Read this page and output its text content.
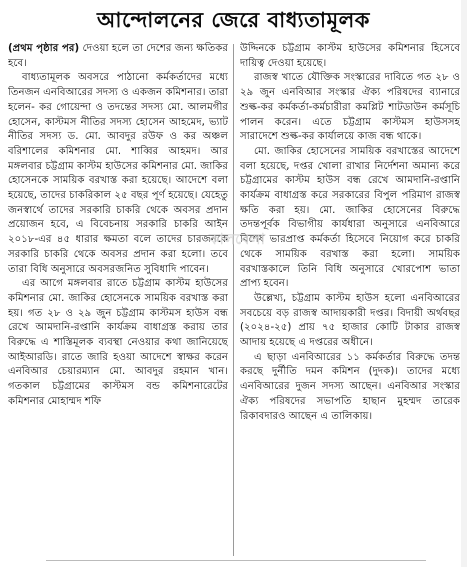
আন্দোলনের জেরে বাধ্যতামূলক

(প্রথম পৃষ্ঠার পর) দেওয়া হলে তা দেশের জন্য ক্ষতিকর হবে।

বাধ্যতামূলক অবসরে পাঠানো কর্মকর্তাদের মধ্যে তিনজন এনবিআরের সদস্য ও একজন কমিশনার। তারা হলেন- কর গোয়েন্দা ও তদন্তের সদস্য মো. আলমগীর হোসেন, কাস্টমস নীতির সদস্য হোসেন আহমেদ, ভ্যাট নীতির সদস্য ড. মো. আবদুর রউফ ও কর অঞ্চল বরিশালের কমিশনার মো. শাব্বির আহমদ। আর মঙ্গলবার চট্টগ্রাম কাস্টম হাউসের কমিশনার মো. জাকির হোসেনকে সাময়িক বরখাস্ত করা হয়েছে। আদেশে বলা হয়েছে, তাদের চাকরিকাল ২৫ বছর পূর্ণ হয়েছে। যেহেতু জনস্বার্থে তাদের সরকারি চাকরি থেকে অবসর প্রদান প্রয়োজন হবে, এ বিবেচনায় সরকারি চাকরি আইন ২০১৮-এর ৪৫ ধারার ক্ষমতা বলে তাদের চারজনকে সরকারি চাকরি থেকে অবসর প্রদান করা হলো। তবে তারা বিধি অনুসারে অবসরজনিত সুবিধাদি পাবেন।

এর আগে মঙ্গলবার রাতে চট্টগ্রাম কাস্টম হাউসের কমিশনার মো. জাকির হোসেনকে সাময়িক বরখাস্ত করা হয়। গত ২৮ ও ২৯ জুন চট্টগ্রাম কাস্টমস হাউস বন্ধ রেখে আমদানি-রপ্তানি কার্যক্রম বাধাগ্রস্ত করায় তার বিরুদ্ধে এ শাস্তিমূলক ব্যবস্থা নেওয়ার কথা জানিয়েছে আইআরডি। রাতে জারি হওয়া আদেশে স্বাক্ষর করেন এনবিআর চেয়ারম্যান মো. আবদুর রহমান খান। গতকাল চট্টগ্রামের কাস্টমস বন্ড কমিশনারেটের কমিশনার মোহাম্মদ শফি

উদ্দিনকে চট্টগ্রাম কাস্টম হাউসের কমিশনার হিসেবে দায়িত্ব দেওয়া হয়েছে।

রাজস্ব খাতে যৌক্তিক সংস্কারের দাবিতে গত ২৮ ও ২৯ জুন এনবিআর সংস্কার ঐক্য পরিষদের ব্যানারে শুল্ক-কর কর্মকর্তা-কর্মচারীরা কমপ্লিট শাটডাউন কর্মসূচি পালন করেন। এতে চট্টগ্রাম কাস্টমস হাউসসহ সারাদেশে শুল্ক-কর কার্যালয়ে কাজ বন্ধ থাকে।

মো. জাকির হোসেনের সাময়িক বরখাস্তের আদেশে বলা হয়েছে, দপ্তর খোলা রাখার নির্দেশনা অমান্য করে চট্টগ্রামের কাস্টম হাউস বন্ধ রেখে আমদানি-রপ্তানি কার্যক্রম বাধাগ্রস্ত করে সরকারের বিপুল পরিমাণ রাজস্ব ক্ষতি করা হয়। মো. জাকির হোসেনের বিরুদ্ধে তদন্তপূর্বক বিভাগীয় কার্যধারা অনুসারে এনবিআরে বিশেষ ভারপ্রাপ্ত কর্মকর্তা হিসেবে নিয়োগ করে চাকরি থেকে সাময়িক বরখাস্ত করা হলো। সাময়িক বরখাস্তকালে তিনি বিধি অনুসারে খোরপোশ ভাতা প্রাপ্য হবেন।

উল্লেখ্য, চট্টগ্রাম কাস্টম হাউস হলো এনবিআরের সবচেয়ে বড় রাজস্ব আদায়কারী দপ্তর। বিদায়ী অর্থবছর (২০২৪-২৫) প্রায় ৭৫ হাজার কোটি টাকার রাজস্ব আদায় হয়েছে এ দপ্তরের অধীনে।

এ ছাড়া এনবিআরের ১১ কর্মকর্তার বিরুদ্ধে তদন্ত করছে দুর্নীতি দমন কমিশন (দুদক)। তাদের মধ্যে এনবিআরের দুজন সদস্য আছেন। এনবিআর সংস্কার ঐক্য পরিষদের সভাপতি হাছান মুহম্মদ তারেক রিকাবদারও আছেন এ তালিকায়।

কালবেলা
